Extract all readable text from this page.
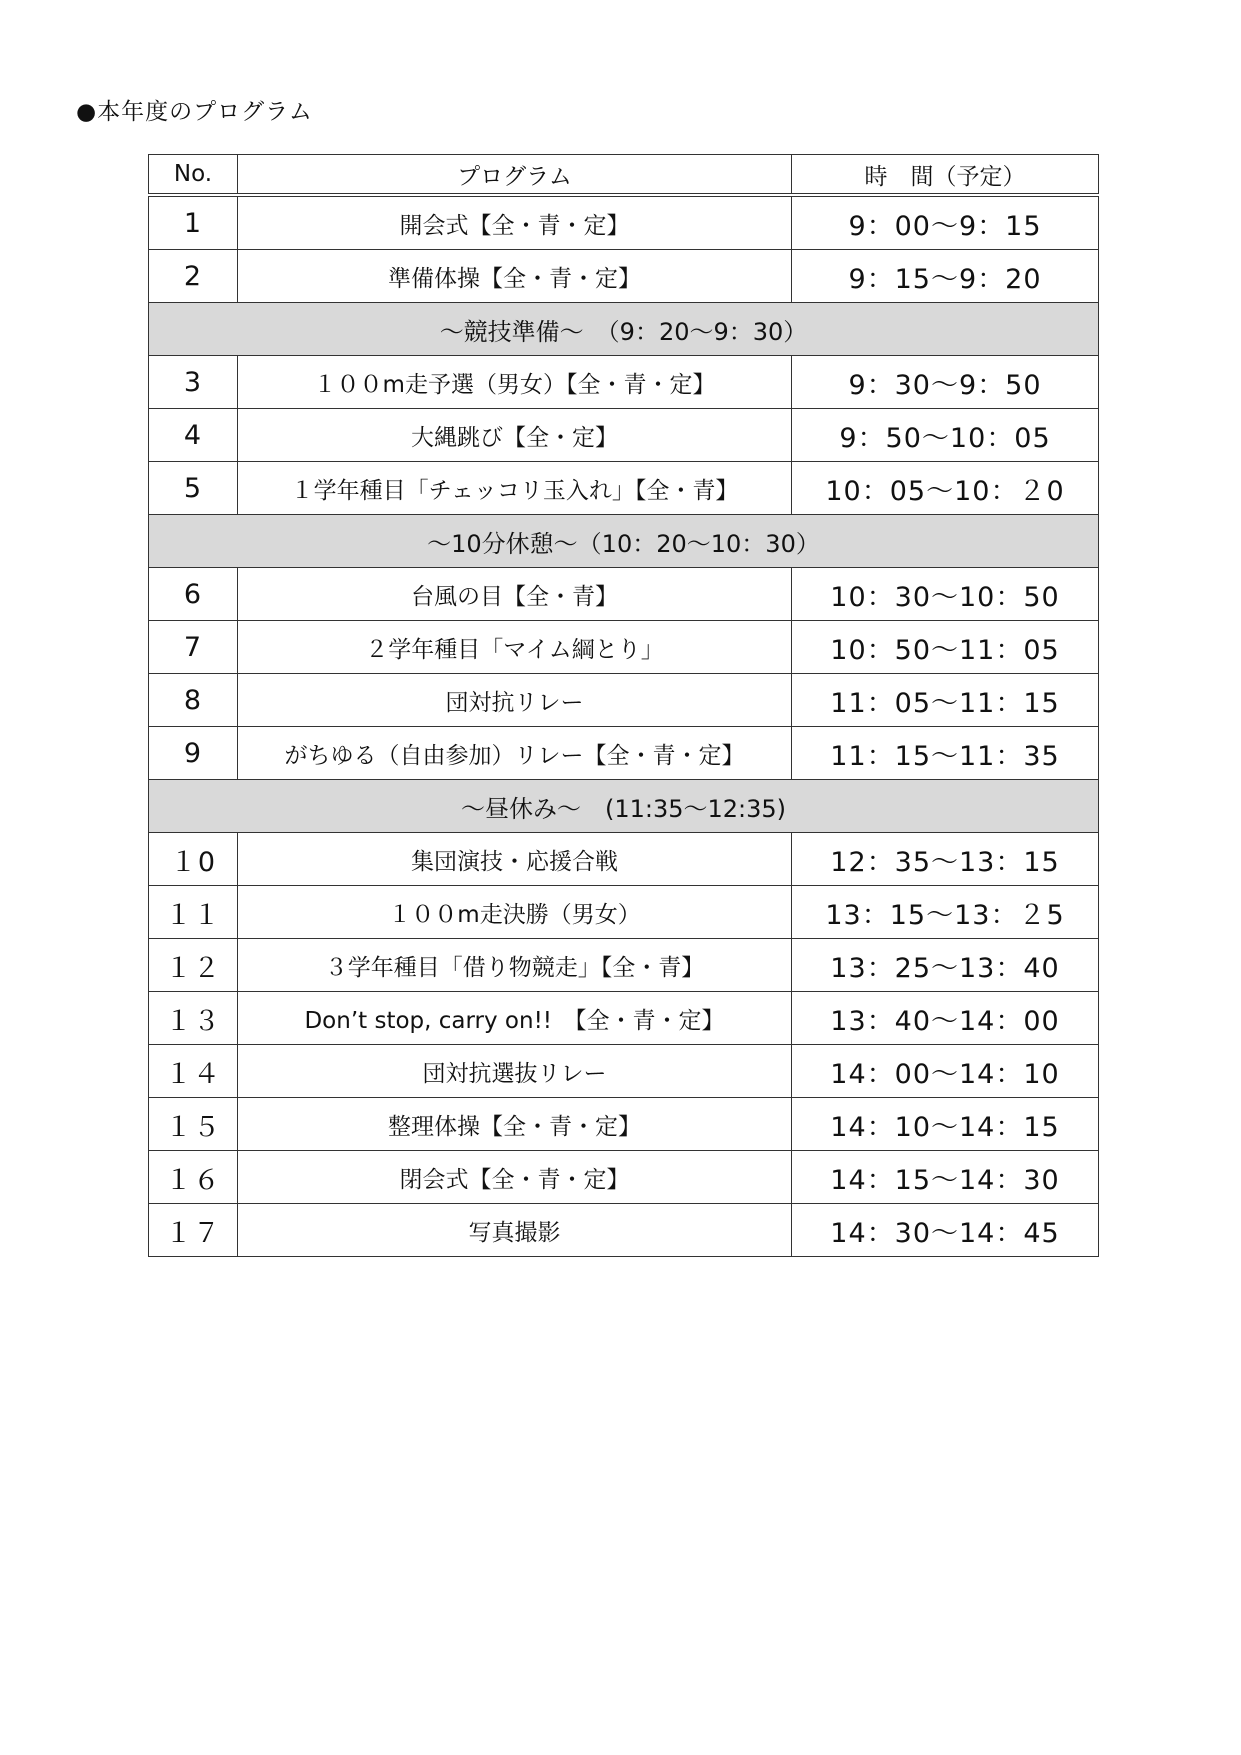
●本年度のプログラム
No.	プログラム	時　間（予定）
1	開会式【全・青・定】	9：00〜9：15
2	準備体操【全・青・定】	9：15〜9：20
〜競技準備〜　（9：20〜9：30）		
3	１００m走予選（男女）【全・青・定】	9：30〜9：50
4	大縄跳び【全・定】	9：50〜10：05
5	１学年種目「チェッコリ玉入れ」【全・青】	10：05〜10：２0
〜10分休憩〜（10：20〜10：30）		
6	台風の目【全・青】	10：30〜10：50
7	２学年種目「マイム綱とり」	10：50〜11：05
8	団対抗リレー	11：05〜11：15
9	がちゆる（自由参加）リレー【全・青・定】	11：15〜11：35
〜昼休み〜　(11:35〜12:35)		
１0	集団演技・応援合戦	12：35〜13：15
１１	１００m走決勝（男女）	13：15〜13：２5
１２	３学年種目「借り物競走」【全・青】	13：25〜13：40
１３	Don’t stop, carry on!!　【全・青・定】	13：40〜14：00
１４	団対抗選抜リレー	14：00〜14：10
１５	整理体操【全・青・定】	14：10〜14：15
１６	閉会式【全・青・定】	14：15〜14：30
１７	写真撮影	14：30〜14：45
